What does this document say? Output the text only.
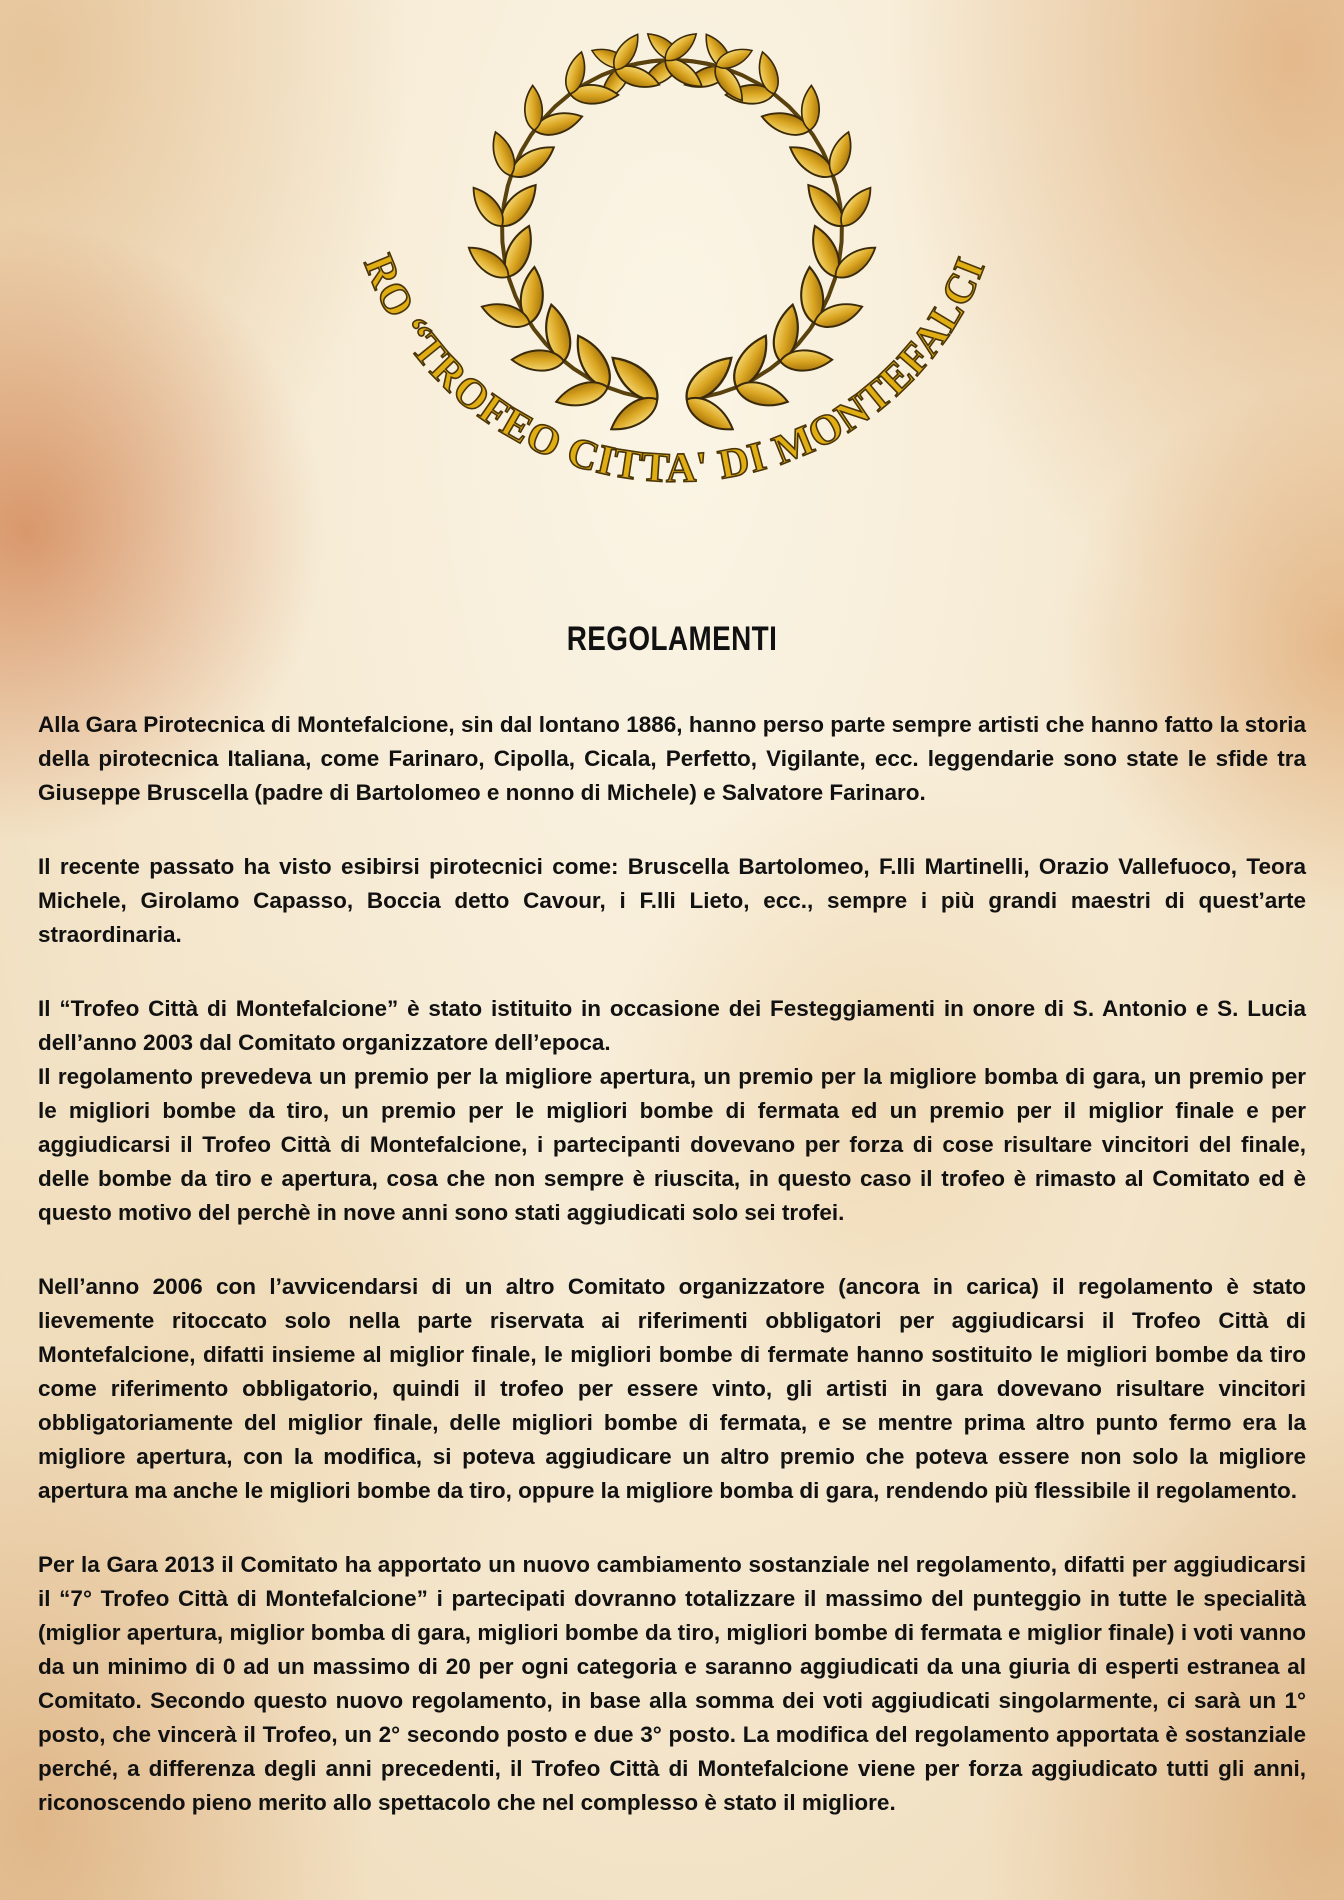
RO “TROFEO CITTA' DI MONTEFALCI
REGOLAMENTI

Alla Gara Pirotecnica di Montefalcione, sin dal lontano 1886, hanno perso parte sempre artisti che hanno fatto la storia della pirotecnica Italiana, come Farinaro, Cipolla, Cicala, Perfetto, Vigilante, ecc. leggendarie sono state le sfide tra Giuseppe Bruscella (padre di Bartolomeo e nonno di Michele) e Salvatore Farinaro.

Il recente passato ha visto esibirsi pirotecnici come: Bruscella Bartolomeo, F.lli Martinelli, Orazio Vallefuoco, Teora Michele, Girolamo Capasso, Boccia detto Cavour, i F.lli Lieto, ecc., sempre i più grandi maestri di quest’arte straordinaria.

Il “Trofeo Città di Montefalcione” è stato istituito in occasione dei Festeggiamenti in onore di S. Antonio e S. Lucia dell’anno 2003 dal Comitato organizzatore dell’epoca.

Il regolamento prevedeva un premio per la migliore apertura, un premio per la migliore bomba di gara, un premio per le migliori bombe da tiro, un premio per le migliori bombe di fermata ed un premio per il miglior finale e per aggiudicarsi il Trofeo Città di Montefalcione, i partecipanti dovevano per forza di cose risultare vincitori del finale, delle bombe da tiro e apertura, cosa che non sempre è riuscita, in questo caso il trofeo è rimasto al Comitato ed è questo motivo del perchè in nove anni sono stati aggiudicati solo sei trofei.

Nell’anno 2006 con l’avvicendarsi di un altro Comitato organizzatore (ancora in carica) il regolamento è stato lievemente ritoccato solo nella parte riservata ai riferimenti obbligatori per aggiudicarsi il Trofeo Città di Montefalcione, difatti insieme al miglior finale, le migliori bombe di fermate hanno sostituito le migliori bombe da tiro come riferimento obbligatorio, quindi il trofeo per essere vinto, gli artisti in gara dovevano risultare vincitori obbligatoriamente del miglior finale, delle migliori bombe di fermata, e se mentre prima altro punto fermo era la migliore apertura, con la modifica, si poteva aggiudicare un altro premio che poteva essere non solo la migliore apertura ma anche le migliori bombe da tiro, oppure la migliore bomba di gara, rendendo più flessibile il regolamento.

Per la Gara 2013 il Comitato ha apportato un nuovo cambiamento sostanziale nel regolamento, difatti per aggiudicarsi il “7° Trofeo Città di Montefalcione” i partecipati dovranno totalizzare il massimo del punteggio in tutte le specialità (miglior apertura, miglior bomba di gara, migliori bombe da tiro, migliori bombe di fermata e miglior finale) i voti vanno da un minimo di 0 ad un massimo di 20 per ogni categoria e saranno aggiudicati da una giuria di esperti estranea al Comitato. Secondo questo nuovo regolamento, in base alla somma dei voti aggiudicati singolarmente, ci sarà un 1° posto, che vincerà il Trofeo, un 2° secondo posto e due 3° posto. La modifica del regolamento apportata è sostanziale perché, a differenza degli anni precedenti, il Trofeo Città di Montefalcione viene per forza aggiudicato tutti gli anni, riconoscendo pieno merito allo spettacolo che nel complesso è stato il migliore.
